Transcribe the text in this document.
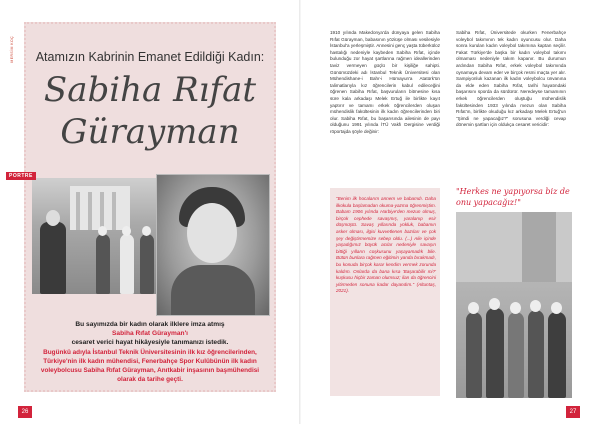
MERSİM KOÇ	Atamızın Kabrinin Emanet Edildiği Kadın:
Sabiha Rıfat
Gürayman
PORTRE
Bu sayımızda bir kadın olarak ilklere imza atmış
Sabiha Rıfat Gürayman'ı
cesaret verici hayat hikâyesiyle tanımanızı istedik.
Bugünkü adıyla İstanbul Teknik Üniversitesinin ilk kız öğrencilerinden, Türkiye'nin ilk kadın mühendisi, Fenerbahçe Spor Kulübünün ilk kadın voleybolcusu Sabiha Rıfat Gürayman, Anıtkabir inşasının başmühendisi olarak da tarihe geçti.
26
1910 yılında Makedonya'da dünyaya gelen Sabiha Rıfat Gürayman, babasının yöziüşe olması vesilesiyle İstanbul'a yerleşmiştir. Annesini genç yaşta tüberküloz hastalığı nedeniyle kaybeden Sabiha Rıfat, içinde bulunduğu zor hayat şartlarına rağmen ideallerinden taviz vermeyen güçlü bir kişiliğe sahipti. Günümüzdeki adı İstanbul Teknik Üniversitesi olan Mühendishane-i Bahr-i Hümayun'a Atatürk'ün talimatlarıyla kız öğrencilerin kabul edileceğini öğrenen Sabiha Rıfat, başvuruların bitmesine kısa süre kala arkadaşı Melek Ertuğ ile birlikte kayıt yaptırır ve tamamı erkek öğrencilerden oluşan mühendislik fakültesinin ilk kadın öğrencilerinden biri olur. Sabiha Rıfat, bu başarısında ailesinin de payı olduğunu 1991 yılında İTÜ Vakfı Dergisine verdiği röportajda şöyle değinir:
"Benim ilk hocalarım annem ve babamdı. Daha ilkokula başlamadan okuma-yazma öğrenmiştim. Babam 1906 yılında Harbiye'den mezun olmuş, birçok cephede savaşmış, yaralanıp esir düşmüştü. Savaş yıllarında yokluk, babamın asker olması, ilgisi kuvvetlenen bazıları ve çok şey değiştirmemize sebep oldu. (...) Aile içinde yaşadığımız büyük acılar nedeniyle savaşın bittiği yılların coşkusunu yaşayamadık bile. Bütün bunlara rağmen eğitimin yanda bırakmadı, bu konuda birçok karar kendim vermek zorunda kaldım. Onlarda da bana kısa 'Başarabilir mi?' kuşkusu hiçbir zaman olumsuz; ilan da öğrencini yitirmeden sonuna kadar dayandım." (Altuntaş, 2021).
Sabiha Rıfat, Üniversitede okurken Fenerbahçe voleybol takımının tek kadın oyuncusu olur. Daha sonra kurulan kadın voleybol takımına kaptan seçilir. Fakat Türkiye'de başka bir kadın voleybol takımı olmaması nedeniyle takım kapanır. Bu durumun ardından Sabiha Rıfat, erkek voleybol takımında oynamaya devam eder ve birçok resmi maçta yer alır. Sampiyonluk kazanan ilk kadın voleybolcu ünvanına da elde eden Sabiha Rıfat, tarihi hayatındaki başarısını sporda da sürdürür. Neredeyse tamamının erkek öğrencilerden oluştuğu mühendislik fakültesinden 1933 yılında mezun olan Sabiha Rıfat'ın, birlikte okuduğu kız arkadaşı Melek Ertuğ'un "Şimdi ne yapacağız?" sorusuna verdiği cevap dönemin şartları için oldukça cesaret vericidir:
"Herkes ne yapıyorsa biz de onu yapacağız!"
27
